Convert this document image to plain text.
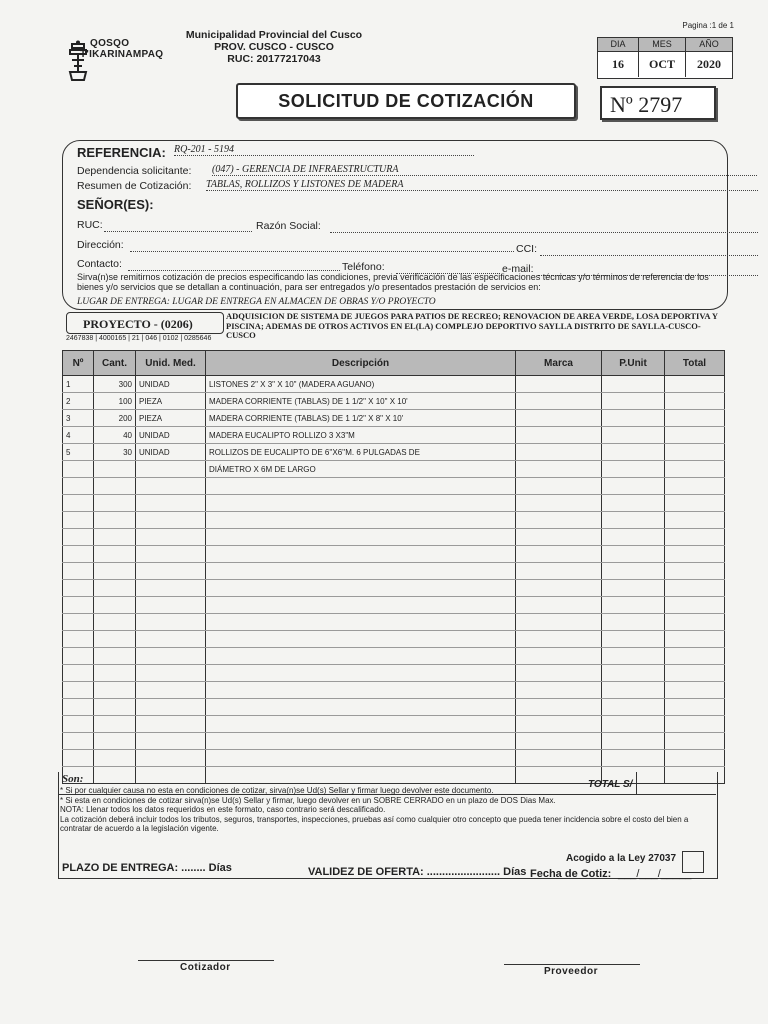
QOSQO
T'IKARINAMPAQ
Municipalidad Provincial del Cusco
PROV. CUSCO - CUSCO
RUC: 20177217043
Pagina :1 de 1
DIA	MES	AÑO
16	OCT	2020
SOLICITUD DE COTIZACIÓN	Nº 2797
REFERENCIA: RQ-201 - 5194
Dependencia solicitante: (047) - GERENCIA DE INFRAESTRUCTURA
Resumen de Cotización: TABLAS, ROLLIZOS Y LISTONES DE MADERA
SEÑOR(ES):
RUC:	Razón Social:
Dirección:	CCI:
Contacto:	Teléfono:	e-mail:
Sirva(n)se remitirnos cotización de precios especificando las condiciones, previa verificación de las especificaciones técnicas y/o términos de referencia de los bienes y/o servicios que se detallan a continuación, para ser entregados y/o presentados prestación de servicios en:
LUGAR DE ENTREGA: LUGAR DE ENTREGA EN ALMACEN DE OBRAS Y/O PROYECTO
PROYECTO - (0206)
2467838 | 4000165 | 21 | 046 | 0102 | 0285646
ADQUISICION DE SISTEMA DE JUEGOS PARA PATIOS DE RECREO; RENOVACION DE AREA VERDE, LOSA DEPORTIVA Y PISCINA; ADEMAS DE OTROS ACTIVOS EN EL(LA) COMPLEJO DEPORTIVO SAYLLA DISTRITO DE SAYLLA-CUSCO-CUSCO
Nº	Cant.	Unid. Med.	Descripción	Marca	P.Unit	Total
1	300	UNIDAD	LISTONES 2" X 3" X 10" (MADERA AGUANO)			
2	100	PIEZA	MADERA CORRIENTE (TABLAS) DE 1 1/2" X 10" X 10'			
3	200	PIEZA	MADERA CORRIENTE (TABLAS) DE 1 1/2" X 8" X 10'			
4	40	UNIDAD	MADERA EUCALIPTO ROLLIZO 3 X3"M			
5	30	UNIDAD	ROLLIZOS DE EUCALIPTO DE 6''X6''M. 6 PULGADAS DE			
			DIÁMETRO X 6M DE LARGO			

Son:	TOTAL S/
* Si por cualquier causa no esta en condiciones de cotizar, sirva(n)se Ud(s) Sellar y firmar luego devolver este documento.
* Si esta en condiciones de cotizar sirva(n)se Ud(s) Sellar y firmar, luego devolver en un SOBRE CERRADO en un plazo de DOS Dias Max.
NOTA: Llenar todos los datos requeridos en este formato, caso contrario será descalificado.
La cotización deberá incluir todos los tributos, seguros, transportes, inspecciones, pruebas así como cualquier otro concepto que pueda tener incidencia sobre el costo del bien a contratar de acuerdo a la legislación vigente.
Acogido a la Ley 27037
PLAZO DE ENTREGA: ........ Días	VALIDEZ DE OFERTA: ........................ Días Fecha de Cotiz: ___/___/_____
Cotizador	Proveedor
